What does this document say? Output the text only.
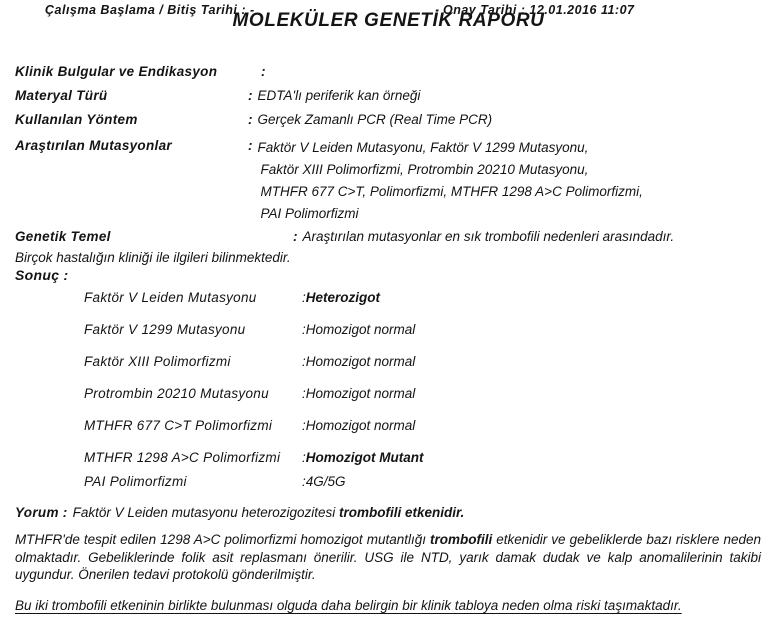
Çalışma Başlama / Bitiş Tarihi : -	Onay Tarihi : 12.01.2016 11:07
MOLEKÜLER GENETİK RAPORU
Klinik Bulgular ve Endikasyon	:
Materyal Türü	: EDTA'lı periferik kan örneği
Kullanılan Yöntem	: Gerçek Zamanlı PCR (Real Time PCR)
Araştırılan Mutasyonlar	: Faktör V Leiden Mutasyonu, Faktör V 1299 Mutasyonu,
Faktör XIII Polimorfizmi, Protrombin 20210 Mutasyonu,
MTHFR 677 C>T, Polimorfizmi, MTHFR 1298 A>C Polimorfizmi,
PAI Polimorfizmi
Genetik Temel	: Araştırılan mutasyonlar en sık trombofili nedenleri arasındadır.
Birçok hastalığın kliniği ile ilgileri bilinmektedir.
Sonuç :
Faktör V Leiden Mutasyonu	: Heterozigot
Faktör V 1299 Mutasyonu	: Homozigot normal
Faktör XIII Polimorfizmi	: Homozigot normal
Protrombin 20210 Mutasyonu	: Homozigot normal
MTHFR 677 C>T Polimorfizmi	: Homozigot normal
MTHFR 1298 A>C Polimorfizmi	: Homozigot Mutant
PAI Polimorfizmi	: 4G/5G
Yorum : Faktör V Leiden mutasyonu heterozigozitesi trombofili etkenidir.

MTHFR'de tespit edilen 1298 A>C polimorfizmi homozigot mutantlığı trombofili etkenidir ve gebeliklerde bazı risklere neden olmaktadır. Gebeliklerinde folik asit replasmanı önerilir. USG ile NTD, yarık damak dudak ve kalp anomalilerinin takibi uygundur. Önerilen tedavi protokolü gönderilmiştir.

Bu iki trombofili etkeninin birlikte bulunması olguda daha belirgin bir klinik tabloya neden olma riski taşımaktadır.
